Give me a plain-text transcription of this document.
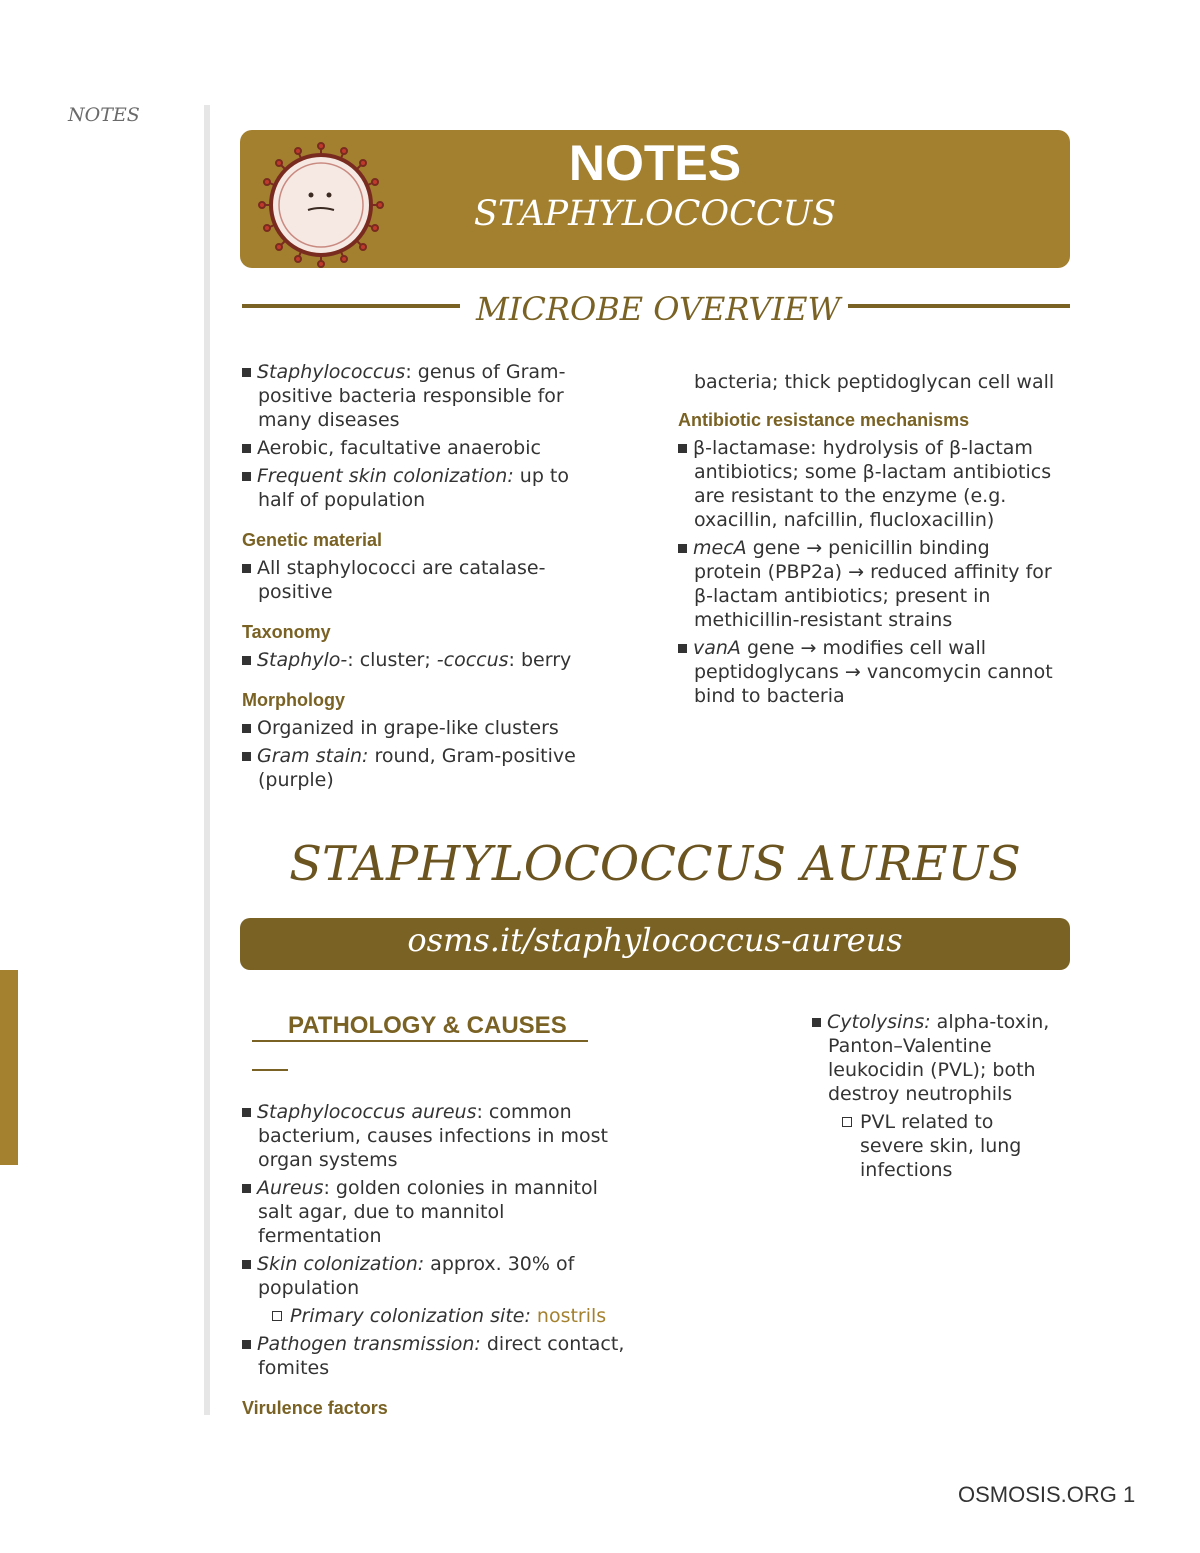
NOTES
NOTES
STAPHYLOCOCCUS
MICROBE OVERVIEW

Staphylococcus: genus of Gram-positive bacteria responsible for many diseases

Aerobic, facultative anaerobic

Frequent skin colonization: up to half of population

Genetic material

All staphylococci are catalase-positive

Taxonomy

Staphylo-: cluster; -coccus: berry

Morphology

Organized in grape-like clusters

Gram stain: round, Gram-positive (purple)

bacteria; thick peptidoglycan cell wall

Antibiotic resistance mechanisms

β-lactamase: hydrolysis of β-lactam antibiotics; some β-lactam antibiotics are resistant to the enzyme (e.g. oxacillin, nafcillin, flucloxacillin)

mecA gene → penicillin binding protein (PBP2a) → reduced affinity for β-lactam antibiotics; present in methicillin-resistant strains

vanA gene → modifies cell wall peptidoglycans → vancomycin cannot bind to bacteria

STAPHYLOCOCCUS AUREUS
osms.it/staphylococcus-aureus
PATHOLOGY & CAUSES

Staphylococcus aureus: common bacterium, causes infections in most organ systems

Aureus: golden colonies in mannitol salt agar, due to mannitol fermentation

Skin colonization: approx. 30% of population

Primary colonization site: nostrils

Pathogen transmission: direct contact, fomites

Virulence factors

Cytolysins: alpha-toxin, Panton–Valentine leukocidin (PVL); both destroy neutrophils

PVL related to severe skin, lung infections

OSMOSIS.ORG 1
